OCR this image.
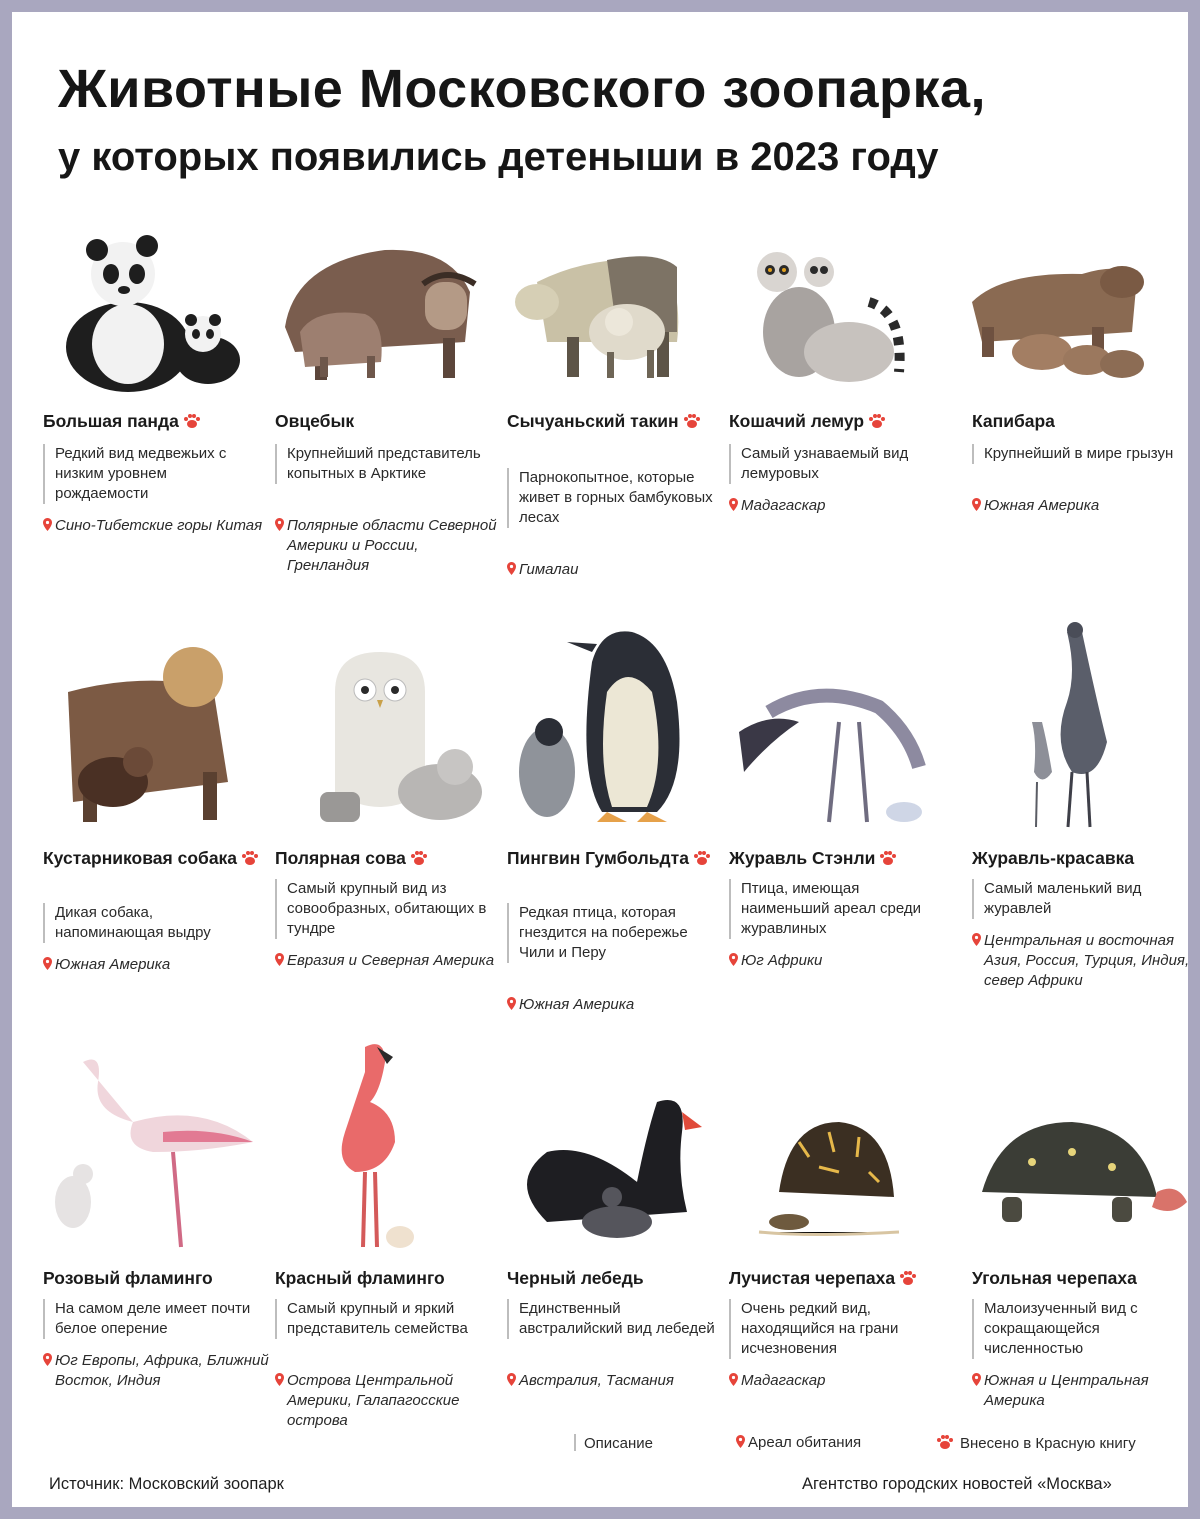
Животные Московского зоопарка,
у которых появились детеныши в 2023 году
Большая панда
Редкий вид медвежьих с низким уровнем рождаемости
Сино-Тибетские горы Китая
Овцебык
Крупнейший представитель копытных в Арктике
Полярные области Северной Америки и России, Гренландия
Сычуаньский такин
Парнокопытное, которые живет в горных бамбуковых лесах
Гималаи
Кошачий лемур
Самый узнаваемый вид лемуровых
Мадагаскар
Капибара
Крупнейший в мире грызун
Южная Америка
Кустарниковая собака
Дикая собака, напоминающая выдру
Южная Америка
Полярная сова
Самый крупный вид из совообразных, обитающих в тундре
Евразия и Северная Америка
Пингвин Гумбольдта
Редкая птица, которая гнездится на побережье Чили и Перу
Южная Америка
Журавль Стэнли
Птица, имеющая наименьший ареал среди журавлиных
Юг Африки
Журавль-красавка
Самый маленький вид журавлей
Центральная и восточная Азия, Россия, Турция, Индия, север Африки
Розовый фламинго
На самом деле имеет почти белое оперение
Юг Европы, Африка, Ближний Восток, Индия
Красный фламинго
Самый крупный и яркий представитель семейства
Острова Центральной Америки, Галапагосские острова
Черный лебедь
Единственный австралийский вид лебедей
Австралия, Тасмания
Лучистая черепаха
Очень редкий вид, находящийся на грани исчезновения
Мадагаскар
Угольная черепаха
Малоизученный вид с сокращающейся численностью
Южная и Центральная Америка
Описание	Ареал обитания	Внесено в Красную книгу
Источник: Московский зоопарк	Агентство городских новостей «Москва»
